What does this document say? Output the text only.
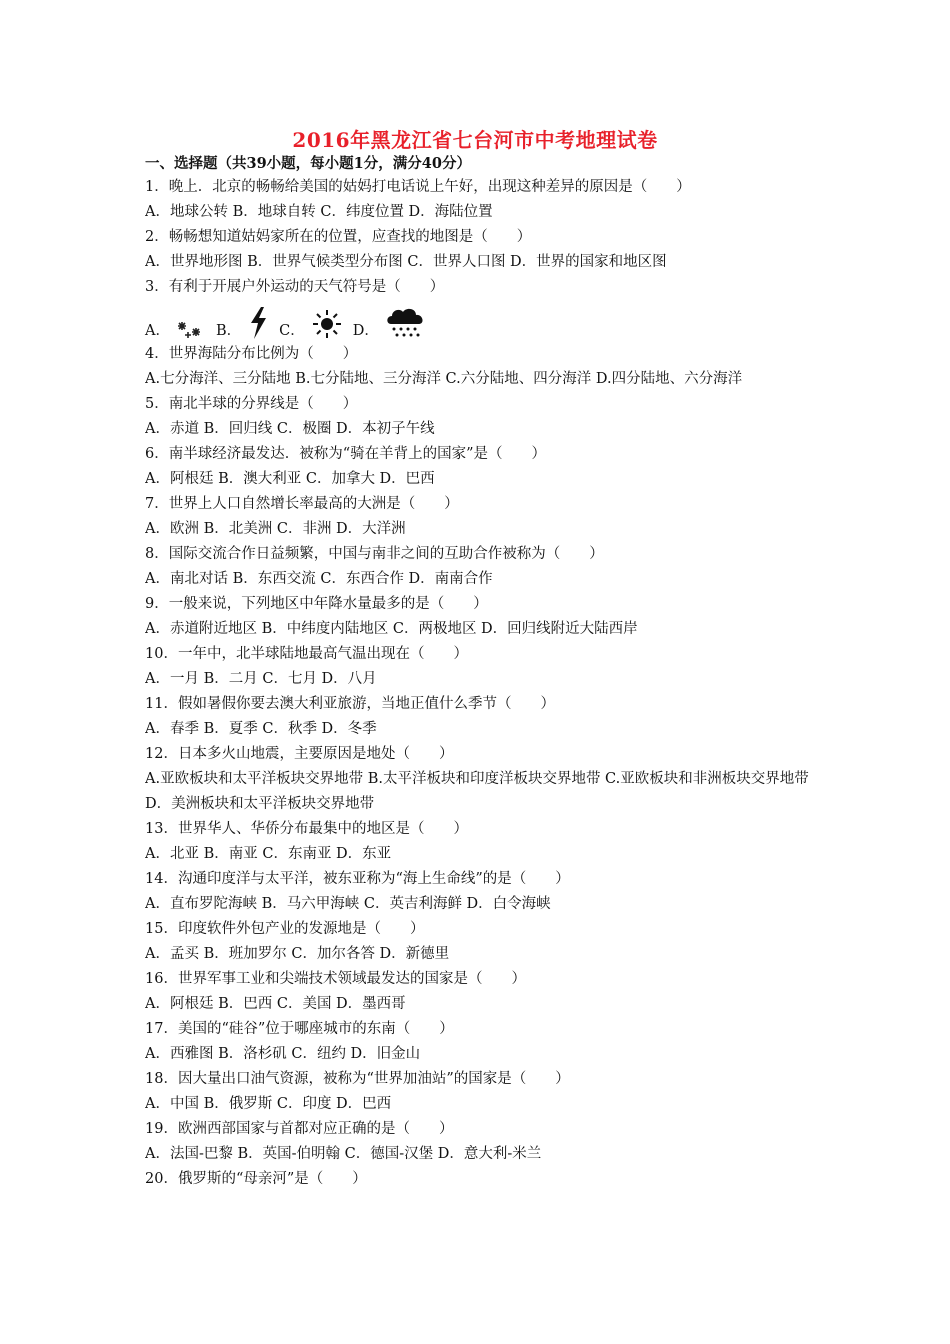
2016年黑龙江省七台河市中考地理试卷
一、选择题（共39小题，每小题1分，满分40分）
1．晚上．北京的畅畅给美国的姑妈打电话说上午好，出现这种差异的原因是（　　）
A．地球公转 B．地球自转 C．纬度位置 D．海陆位置
2．畅畅想知道姑妈家所在的位置，应查找的地图是（　　）
A．世界地形图 B．世界气候类型分布图 C．世界人口图 D．世界的国家和地区图
3．有利于开展户外运动的天气符号是（　　）
A．	B．	C．	D．
4．世界海陆分布比例为（　　）
A.七分海洋、三分陆地 B.七分陆地、三分海洋 C.六分陆地、四分海洋 D.四分陆地、六分海洋
5．南北半球的分界线是（　　）
A．赤道 B．回归线 C．极圈 D．本初子午线
6．南半球经济最发达．被称为“骑在羊背上的国家”是（　　）
A．阿根廷 B．澳大利亚 C．加拿大 D．巴西
7．世界上人口自然增长率最高的大洲是（　　）
A．欧洲 B．北美洲 C．非洲 D．大洋洲
8．国际交流合作日益频繁，中国与南非之间的互助合作被称为（　　）
A．南北对话 B．东西交流 C．东西合作 D．南南合作
9．一般来说，下列地区中年降水量最多的是（　　）
A．赤道附近地区 B．中纬度内陆地区 C．两极地区 D．回归线附近大陆西岸
10．一年中，北半球陆地最高气温出现在（　　）
A．一月 B．二月 C．七月 D．八月
11．假如暑假你要去澳大利亚旅游，当地正值什么季节（　　）
A．春季 B．夏季 C．秋季 D．冬季
12．日本多火山地震，主要原因是地处（　　）
A.亚欧板块和太平洋板块交界地带 B.太平洋板块和印度洋板块交界地带 C.亚欧板块和非洲板块交界地带 D．美洲板块和太平洋板块交界地带
13．世界华人、华侨分布最集中的地区是（　　）
A．北亚 B．南亚 C．东南亚 D．东亚
14．沟通印度洋与太平洋，被东亚称为“海上生命线”的是（　　）
A．直布罗陀海峡 B．马六甲海峡 C．英吉利海鲜 D．白令海峡
15．印度软件外包产业的发源地是（　　）
A．孟买 B．班加罗尔 C．加尔各答 D．新德里
16．世界军事工业和尖端技术领域最发达的国家是（　　）
A．阿根廷 B．巴西 C．美国 D．墨西哥
17．美国的“硅谷”位于哪座城市的东南（　　）
A．西雅图 B．洛杉矶 C．纽约 D．旧金山
18．因大量出口油气资源，被称为“世界加油站”的国家是（　　）
A．中国 B．俄罗斯 C．印度 D．巴西
19．欧洲西部国家与首都对应正确的是（　　）
A．法国-巴黎 B．英国-伯明翰 C．德国-汉堡 D．意大利-米兰
20．俄罗斯的“母亲河”是（　　）
